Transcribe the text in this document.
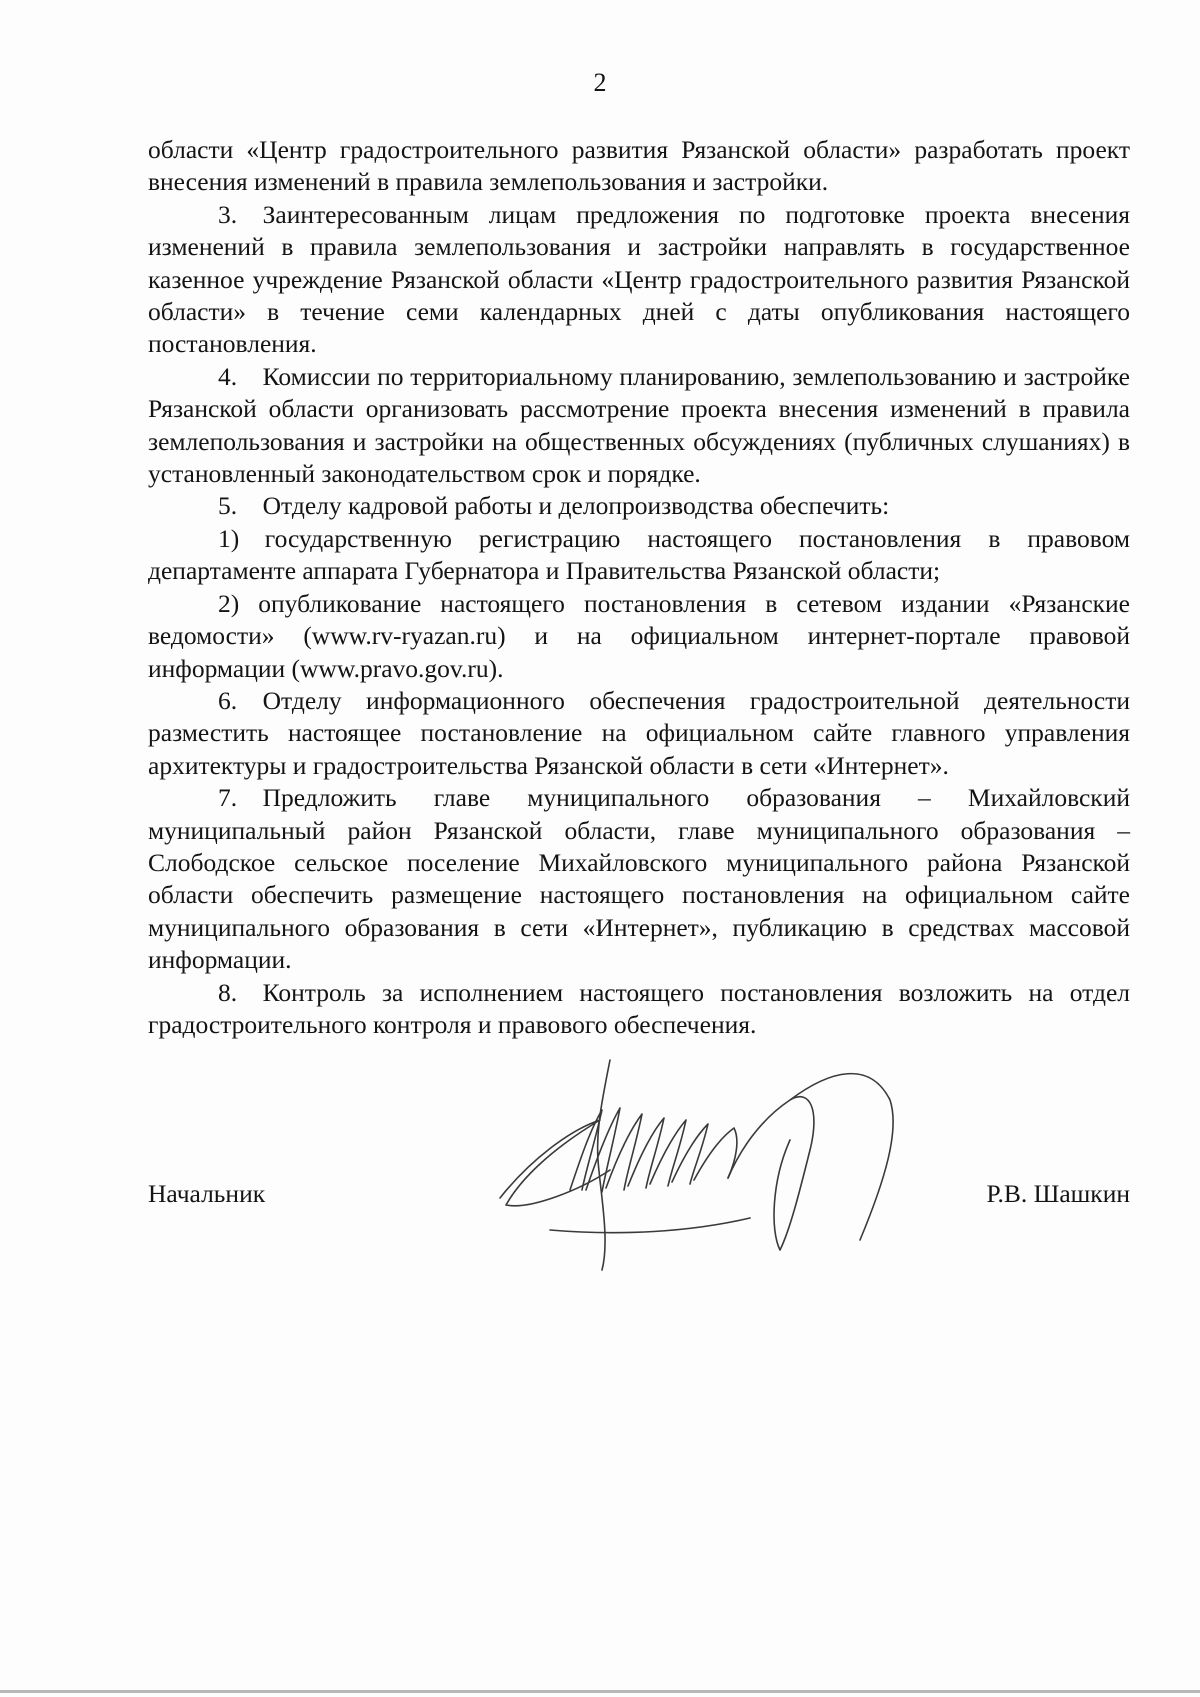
2

области «Центр градостроительного развития Рязанской области» разработать проект внесения изменений в правила землепользования и застройки.

3. Заинтересованным лицам предложения по подготовке проекта внесения изменений в правила землепользования и застройки направлять в государственное казенное учреждение Рязанской области «Центр градостроительного развития Рязанской области» в течение семи календарных дней с даты опубликования настоящего постановления.

4. Комиссии по территориальному планированию, землепользованию и застройке Рязанской области организовать рассмотрение проекта внесения изменений в правила землепользования и застройки на общественных обсуждениях (публичных слушаниях) в установленный законодательством срок и порядке.

5. Отделу кадровой работы и делопроизводства обеспечить:

1) государственную регистрацию настоящего постановления в правовом департаменте аппарата Губернатора и Правительства Рязанской области;

2) опубликование настоящего постановления в сетевом издании «Рязанские ведомости» (www.rv-ryazan.ru) и на официальном интернет-портале правовой информации (www.pravo.gov.ru).

6. Отделу информационного обеспечения градостроительной деятельности разместить настоящее постановление на официальном сайте главного управления архитектуры и градостроительства Рязанской области в сети «Интернет».

7. Предложить главе муниципального образования – Михайловский муниципальный район Рязанской области, главе муниципального образования – Слободское сельское поселение Михайловского муниципального района Рязанской области обеспечить размещение настоящего постановления на официальном сайте муниципального образования в сети «Интернет», публикацию в средствах массовой информации.

8. Контроль за исполнением настоящего постановления возложить на отдел градостроительного контроля и правового обеспечения.

Начальник	Р.В. Шашкин
